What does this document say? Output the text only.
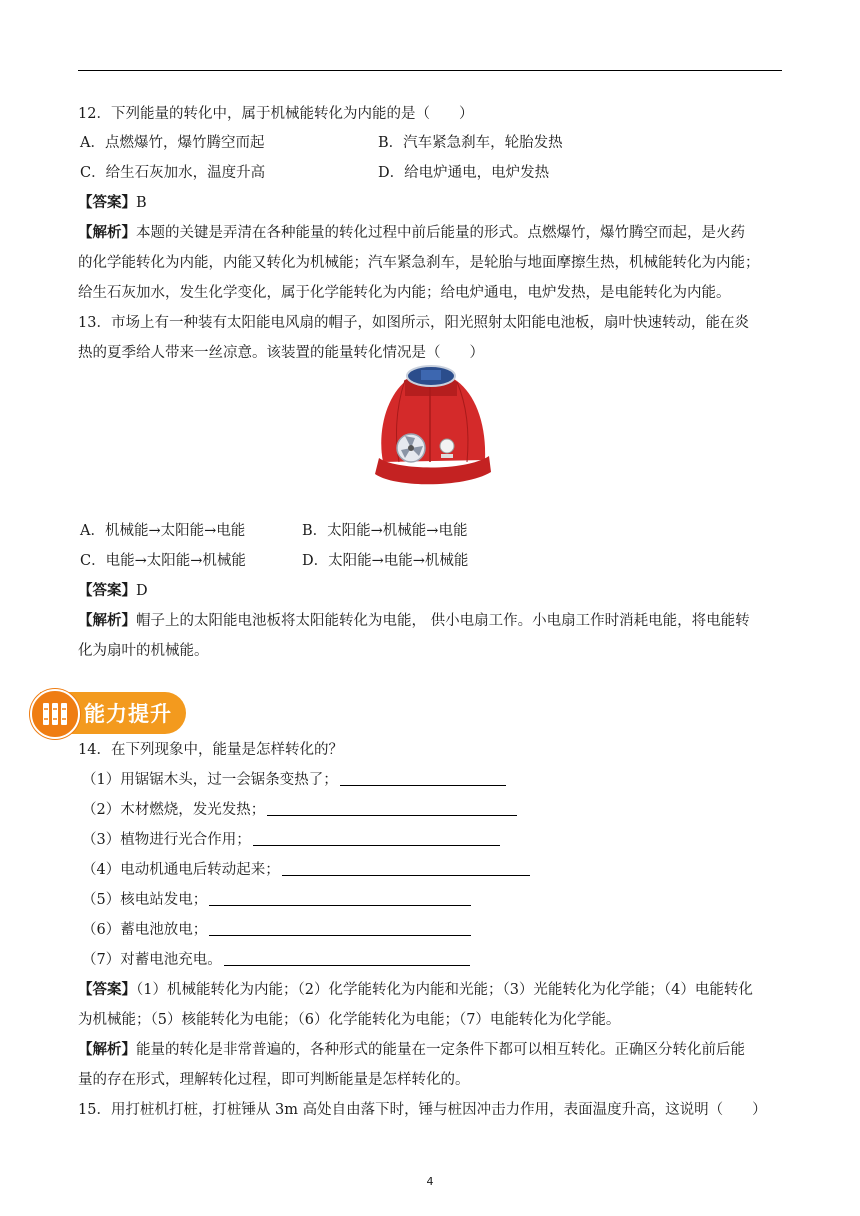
12．下列能量的转化中，属于机械能转化为内能的是（　　）
A．点燃爆竹，爆竹腾空而起	B．汽车紧急刹车，轮胎发热
C．给生石灰加水，温度升高	D．给电炉通电，电炉发热
【答案】B
【解析】本题的关键是弄清在各种能量的转化过程中前后能量的形式。点燃爆竹，爆竹腾空而起，是火药
的化学能转化为内能，内能又转化为机械能；汽车紧急刹车，是轮胎与地面摩擦生热，机械能转化为内能；
给生石灰加水，发生化学变化，属于化学能转化为内能；给电炉通电，电炉发热，是电能转化为内能。
13．市场上有一种装有太阳能电风扇的帽子，如图所示，阳光照射太阳能电池板，扇叶快速转动，能在炎
热的夏季给人带来一丝凉意。该装置的能量转化情况是（　　）
A．机械能→太阳能→电能	B．太阳能→机械能→电能
C．电能→太阳能→机械能	D．太阳能→电能→机械能
【答案】D
【解析】帽子上的太阳能电池板将太阳能转化为电能， 供小电扇工作。小电扇工作时消耗电能，将电能转
化为扇叶的机械能。
能力提升
14．在下列现象中，能量是怎样转化的？
（1）用锯锯木头，过一会锯条变热了；
（2）木材燃烧，发光发热；
（3）植物进行光合作用；
（4）电动机通电后转动起来；
（5）核电站发电；
（6）蓄电池放电；
（7）对蓄电池充电。
【答案】（1）机械能转化为内能；（2）化学能转化为内能和光能；（3）光能转化为化学能；（4）电能转化
为机械能；（5）核能转化为电能；（6）化学能转化为电能；（7）电能转化为化学能。
【解析】能量的转化是非常普遍的，各种形式的能量在一定条件下都可以相互转化。正确区分转化前后能
量的存在形式，理解转化过程，即可判断能量是怎样转化的。
15．用打桩机打桩，打桩锤从 3m 高处自由落下时，锤与桩因冲击力作用，表面温度升高，这说明（　　）
4
